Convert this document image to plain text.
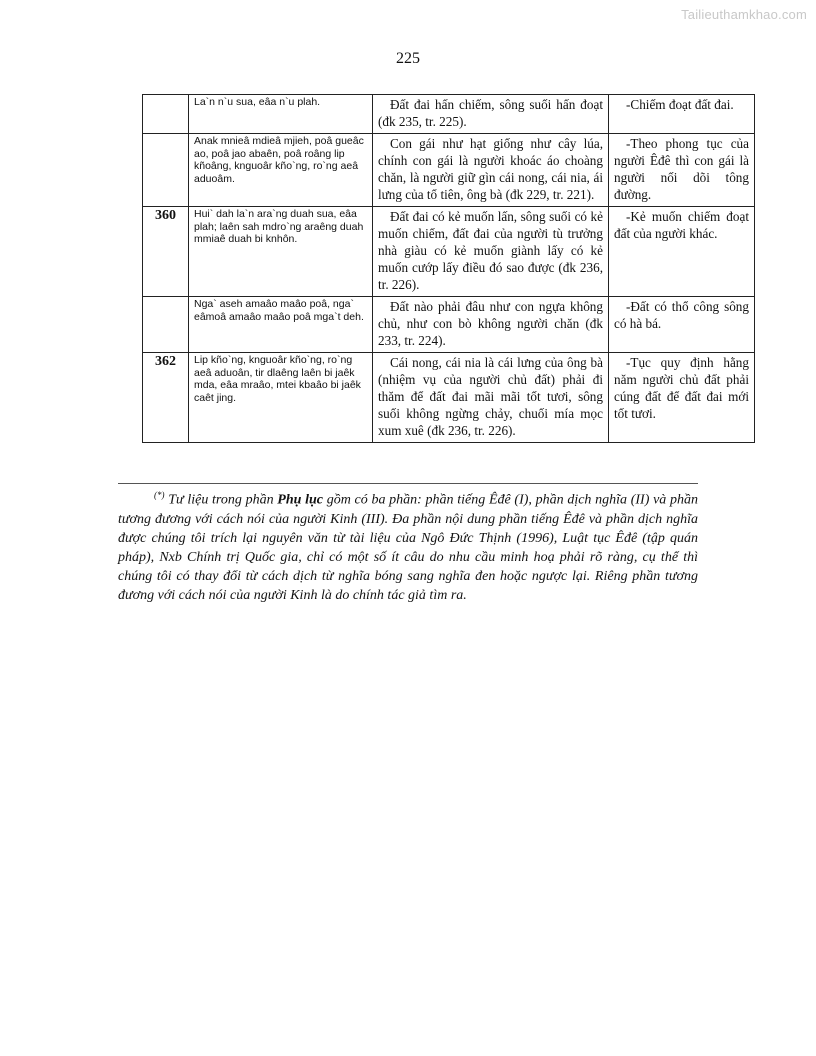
Tailieuthamkhao.com
225
	La`n n`u sua, eâa n`u plah.	Đất đai hấn chiếm, sông suối hấn đoạt (đk 235, tr. 225).	-Chiếm đoạt đất đai.
	Anak mnieâ mdieâ mjieh, poâ gueâc ao, poâ jao abaên, poâ roâng lip kñoâng, knguoâr kño`ng, ro`ng aeâ aduoâm.	Con gái như hạt giống như cây lúa, chính con gái là người khoác áo choàng chăn, là người giữ gìn cái nong, cái nia, ái lưng của tổ tiên, ông bà (đk 229, tr. 221).	-Theo phong tục của người Êđê thì con gái là người nối dõi tông đường.
360	Hui` dah la`n ara`ng duah sua, eâa plah; laên sah mdro`ng araêng duah mmiaê duah bi knhôn.	Đất đai có kẻ muốn lấn, sông suối có kẻ muốn chiếm, đất đai của người tù trưởng nhà giàu có kẻ muốn giành lấy có kẻ muốn cướp lấy điều đó sao được (đk 236, tr. 226).	-Kẻ muốn chiếm đoạt đất của người khác.
	Nga` aseh amaâo maâo poâ, nga` eâmoâ amaâo maâo poâ mga`t deh.	Đất nào phải đâu như con ngựa không chủ, như con bò không người chăn (đk 233, tr. 224).	-Đất có thổ công sông có hà bá.
362	Lip kño`ng, knguoâr kño`ng, ro`ng aeâ aduoân, tir dlaêng laên bi jaêk mda, eâa mraâo, mtei kbaâo bi jaêk caêt jing.	Cái nong, cái nia là cái lưng của ông bà (nhiệm vụ của người chủ đất) phải đi thăm để đất đai mãi mãi tốt tươi, sông suối không ngừng chảy, chuối mía mọc xum xuê (đk 236, tr. 226).	-Tục quy định hằng năm người chủ đất phải cúng đất để đất đai mới tốt tươi.

(*) Tư liệu trong phần Phụ lục gồm có ba phần: phần tiếng Êđê (I), phần dịch nghĩa (II) và phần tương đương với cách nói của người Kinh (III). Đa phần nội dung phần tiếng Êđê và phần dịch nghĩa được chúng tôi trích lại nguyên văn từ tài liệu của Ngô Đức Thịnh (1996), Luật tục Êđê (tập quán pháp), Nxb Chính trị Quốc gia, chỉ có một số ít câu do nhu cầu minh hoạ phải rõ ràng, cụ thể thì chúng tôi có thay đổi từ cách dịch từ nghĩa bóng sang nghĩa đen hoặc ngược lại. Riêng phần tương đương với cách nói của người Kinh là do chính tác giả tìm ra.
